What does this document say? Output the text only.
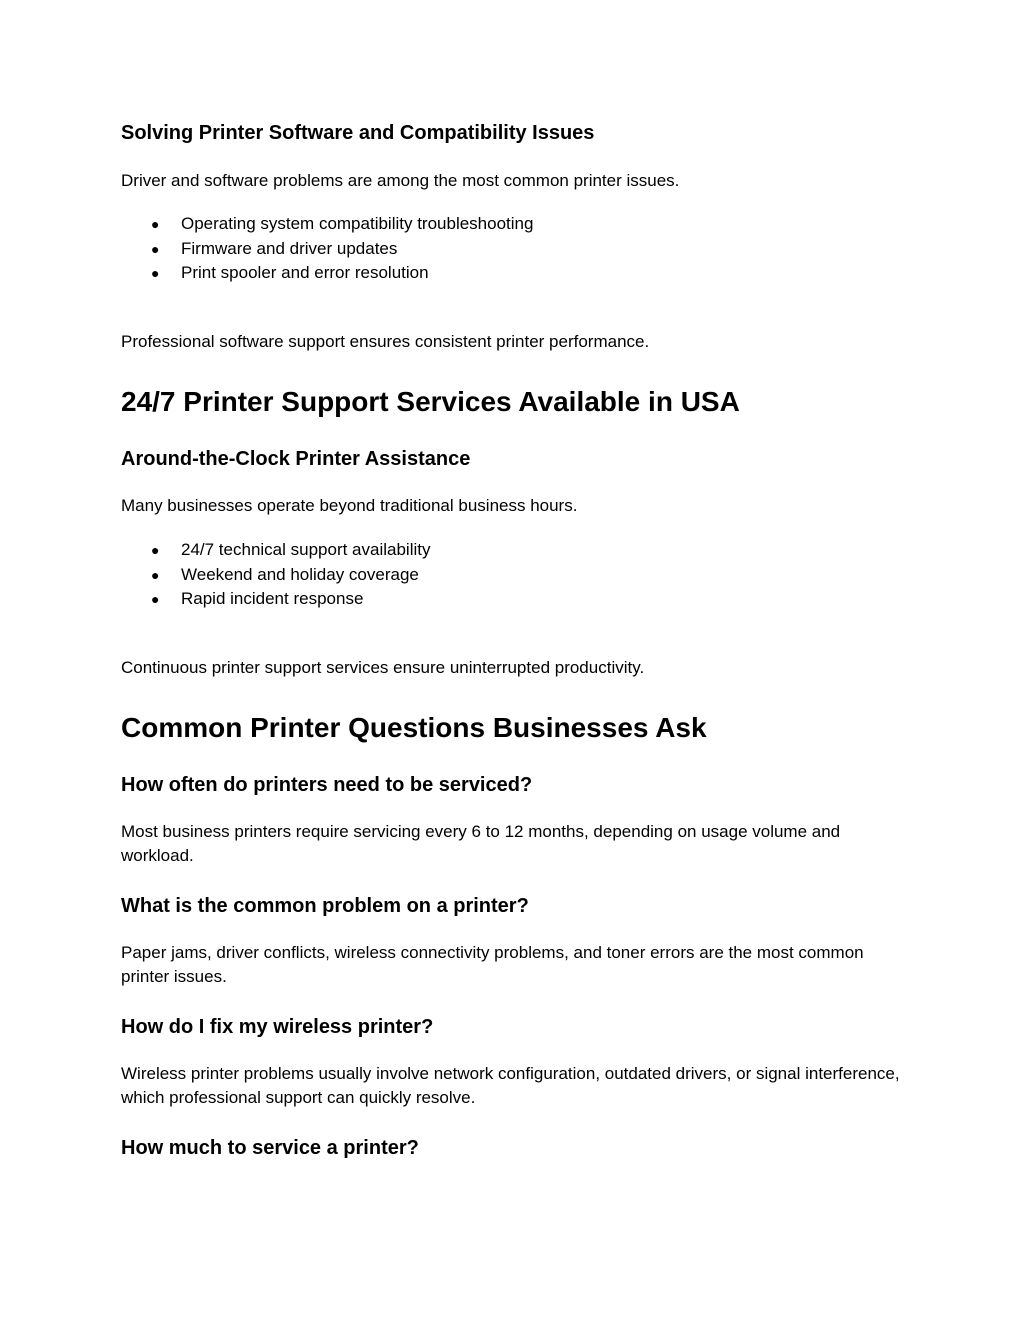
Solving Printer Software and Compatibility Issues

Driver and software problems are among the most common printer issues.

● Operating system compatibility troubleshooting
● Firmware and driver updates
● Print spooler and error resolution

Professional software support ensures consistent printer performance.

24/7 Printer Support Services Available in USA
Around-the-Clock Printer Assistance

Many businesses operate beyond traditional business hours.

● 24/7 technical support availability
● Weekend and holiday coverage
● Rapid incident response

Continuous printer support services ensure uninterrupted productivity.

Common Printer Questions Businesses Ask
How often do printers need to be serviced?

Most business printers require servicing every 6 to 12 months, depending on usage volume and workload.

What is the common problem on a printer?

Paper jams, driver conflicts, wireless connectivity problems, and toner errors are the most common printer issues.

How do I fix my wireless printer?

Wireless printer problems usually involve network configuration, outdated drivers, or signal interference, which professional support can quickly resolve.

How much to service a printer?
